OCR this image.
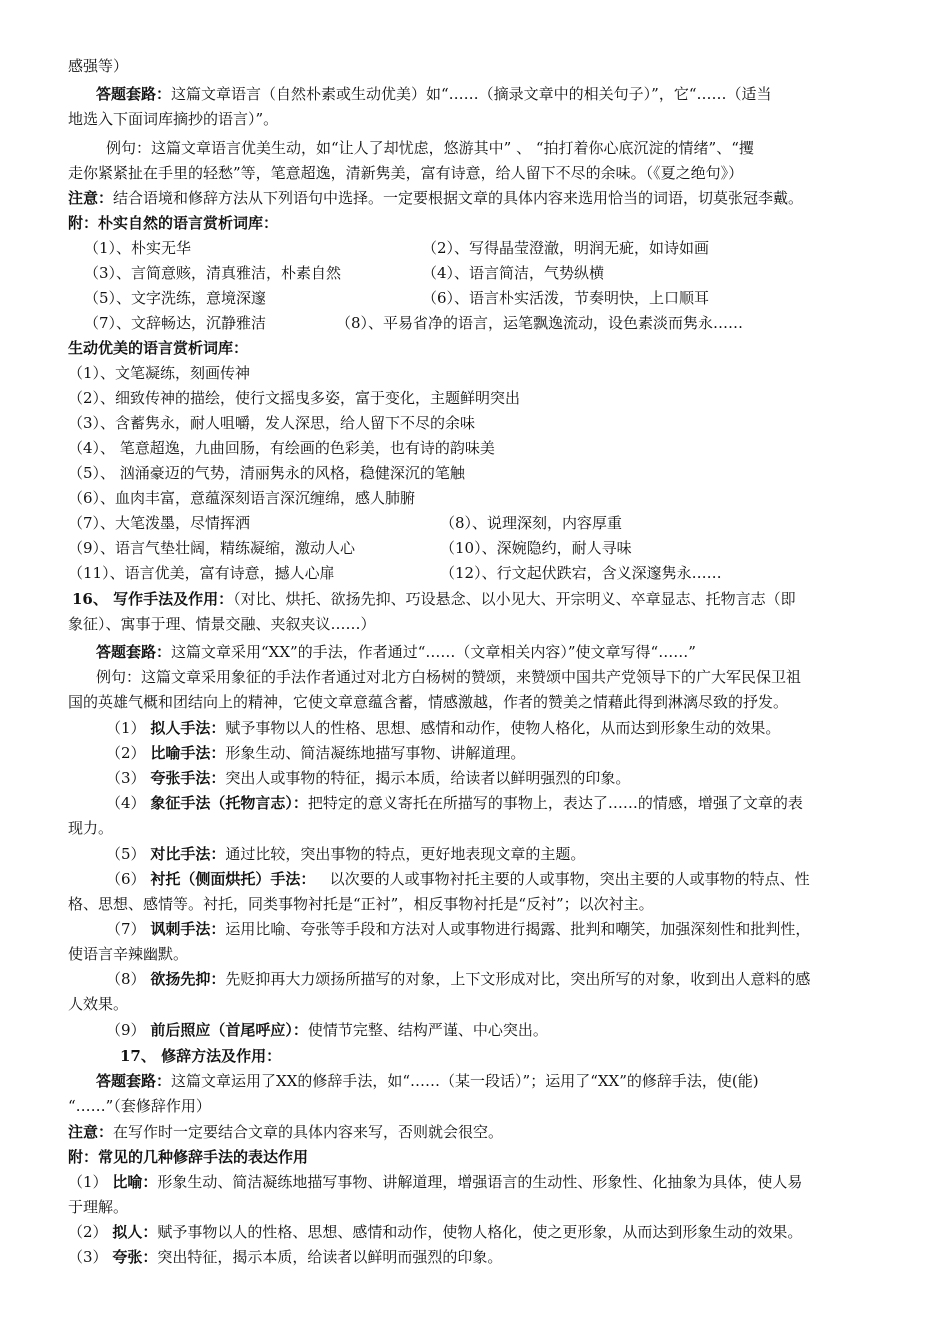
感强等）
答题套路：这篇文章语言（自然朴素或生动优美）如“……（摘录文章中的相关句子）”，它“……（适当
地选入下面词库摘抄的语言）”。
例句：这篇文章语言优美生动，如“让人了却忧虑，悠游其中” 、 “拍打着你心底沉淀的情绪”、“攫
走你紧紧扯在手里的轻愁”等，笔意超逸，清新隽美，富有诗意，给人留下不尽的余味。（《夏之绝句》）
注意：结合语境和修辞方法从下列语句中选择。一定要根据文章的具体内容来选用恰当的词语，切莫张冠李戴。
附：朴实自然的语言赏析词库：
（1）、朴实无华	（2）、写得晶莹澄澈，明润无疵，如诗如画
（3）、言简意赅，清真雅洁，朴素自然	（4）、语言简洁，气势纵横
（5）、文字洗练，意境深邃	（6）、语言朴实活泼，节奏明快，上口顺耳
（7）、文辞畅达，沉静雅洁	（8）、平易省净的语言，运笔飘逸流动，设色素淡而隽永……
生动优美的语言赏析词库：
（1）、文笔凝练，刻画传神
（2）、细致传神的描绘，使行文摇曳多姿，富于变化，主题鲜明突出
（3）、含蓄隽永，耐人咀嚼，发人深思，给人留下不尽的余味
（4）、 笔意超逸，九曲回肠，有绘画的色彩美，也有诗的韵味美
（5）、 汹涌豪迈的气势，清丽隽永的风格，稳健深沉的笔触
（6）、血肉丰富，意蕴深刻语言深沉缠绵，感人肺腑
（7）、大笔泼墨，尽情挥洒	（8）、说理深刻，内容厚重
（9）、语言气垫壮阔，精练凝缩，激动人心	（10）、深婉隐约，耐人寻味
（11）、语言优美，富有诗意，撼人心扉	（12）、行文起伏跌宕，含义深邃隽永……
16、 写作手法及作用：（对比、烘托、欲扬先抑、巧设悬念、以小见大、开宗明义、卒章显志、托物言志（即
象征）、寓事于理、情景交融、夹叙夹议……）
答题套路：这篇文章采用“XX”的手法，作者通过“……（文章相关内容）”使文章写得“……”
例句：这篇文章采用象征的手法作者通过对北方白杨树的赞颂，来赞颂中国共产党领导下的广大军民保卫祖
国的英雄气概和团结向上的精神，它使文章意蕴含蓄，情感激越，作者的赞美之情藉此得到淋漓尽致的抒发。
（1） 拟人手法：赋予事物以人的性格、思想、感情和动作，使物人格化，从而达到形象生动的效果。
（2） 比喻手法：形象生动、简洁凝练地描写事物、讲解道理。
（3） 夸张手法：突出人或事物的特征，揭示本质，给读者以鲜明强烈的印象。
（4） 象征手法（托物言志）：把特定的意义寄托在所描写的事物上，表达了……的情感，增强了文章的表
现力。
（5） 对比手法：通过比较，突出事物的特点，更好地表现文章的主题。
（6） 衬托（侧面烘托）手法：   以次要的人或事物衬托主要的人或事物，突出主要的人或事物的特点、性
格、思想、感情等。衬托，同类事物衬托是“正衬”，相反事物衬托是“反衬”；以次衬主。
（7） 讽刺手法：运用比喻、夸张等手段和方法对人或事物进行揭露、批判和嘲笑，加强深刻性和批判性，
使语言辛辣幽默。
（8） 欲扬先抑：先贬抑再大力颂扬所描写的对象，上下文形成对比，突出所写的对象，收到出人意料的感
人效果。
（9） 前后照应（首尾呼应）：使情节完整、结构严谨、中心突出。
17、 修辞方法及作用：
答题套路：这篇文章运用了XX的修辞手法，如“……（某一段话）”；运用了“XX”的修辞手法，使(能)
“……”（套修辞作用）
注意：在写作时一定要结合文章的具体内容来写，否则就会很空。
附：常见的几种修辞手法的表达作用
（1） 比喻：形象生动、简洁凝练地描写事物、讲解道理，增强语言的生动性、形象性、化抽象为具体，使人易
于理解。
（2） 拟人：赋予事物以人的性格、思想、感情和动作，使物人格化，使之更形象，从而达到形象生动的效果。
（3） 夸张：突出特征，揭示本质，给读者以鲜明而强烈的印象。
